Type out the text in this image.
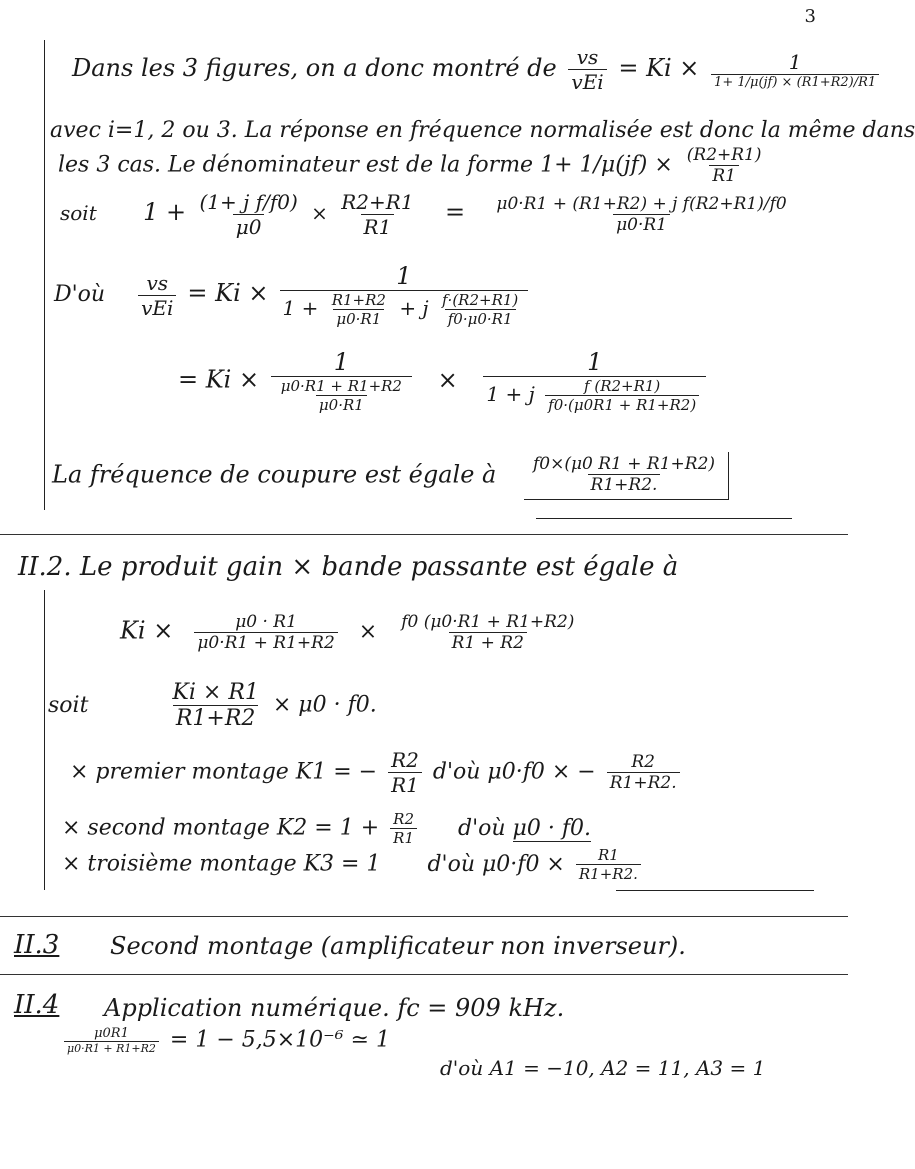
3
Dans les 3 figures, on a donc montré de $\frac{vs}{\text{vEi}} = Ki \times \frac{1}{1+ 1/\mu(jf) \times (R1+R2)/R1}$
avec i=1, 2 ou 3. La réponse en fréquence normalisée est donc la même dans
les 3 cas. Le dénominateur est de la forme $1+ 1/\mu(jf) \times \frac{(R2+R1)}{R1}$
soit $1 + \frac{\text{(1+ j f/f0)}}{\mu 0} \times \frac{R2+R1}{R1} = \frac{\text{μ0·R1 + (R1+R2) + j f(R2+R1)/f0}}{\mu 0\cdot R1}$
D'où $\frac{vs}{\text{vEi}} = Ki$ ×
1
$1 + \frac{R1+R2}{\mu 0\cdot R1} + j \frac{f\cdot(R2+R1)}{f0\cdot\mu 0\cdot R1}$
= $Ki \times \frac{1}{\frac{\mu 0\cdot R1 + R1+R2}{\mu 0\cdot R1}} \times \frac{1}{1 + j \frac{f (R2+R1)}{f0\cdot(\mu 0R1 + R1+R2)}}$
La fréquence de coupure est égale à $\frac{f0\times(\mu 0 R1 + R1+R2)}{R1+R2.}$
II.2. Le produit gain × bande passante est égale à
$Ki \times \frac{\mu 0 \cdot R1}{\mu 0\cdot R1 + R1+R2} \times \frac{f0 (\mu 0\cdot R1 + R1+R2)}{R1 + R2}$
soit	$\frac{Ki \times R1}{R1+R2} \times \mu 0 \cdot f0$.
× premier montage K1 = − $\frac{R2}{R1}$ d'où μ0·f0 × − $\frac{R2}{R1+R2.}$
× second montage $K2 = 1 + \frac{R2}{R1}$ d'où μ0 · f0.
× troisième montage K3 = 1 d'où $\mu 0\cdot f0 \times \frac{R1}{R1+R2.}$
II.3 Second montage (amplificateur non inverseur).
II.4 Application numérique. fc = 909 kHz.
$\frac{\mu 0R1}{\mu 0\cdot R1 + R1+R2} = 1 - 5,5\times 10^{-6}$ ≃ 1
d'où A1 = −10, A2 = 11, A3 = 1
